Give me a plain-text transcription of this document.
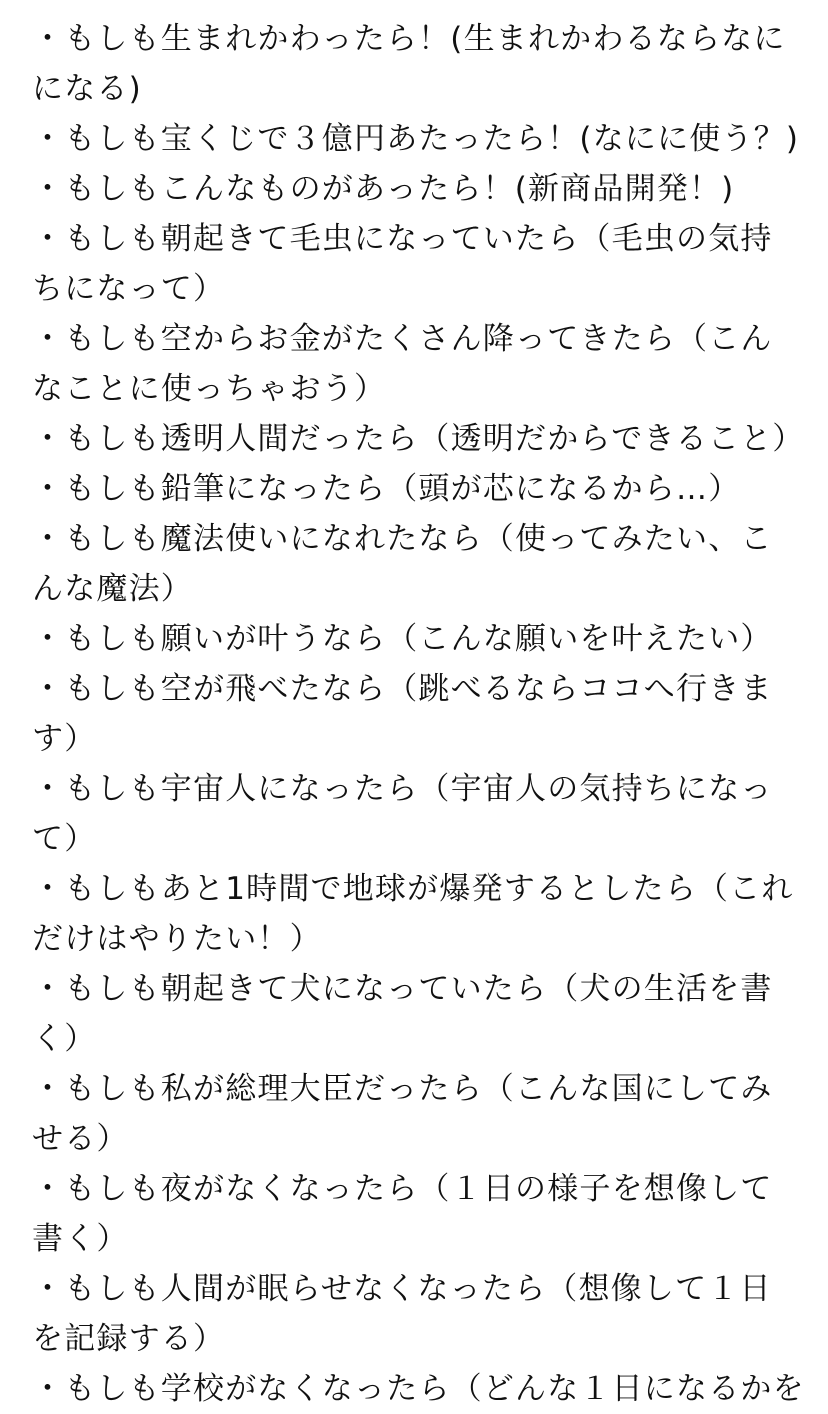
・もしも生まれかわったら！(生まれかわるならなにになる)
・もしも宝くじで３億円あたったら！(なにに使う？)
・もしもこんなものがあったら！(新商品開発！)
・もしも朝起きて毛虫になっていたら（毛虫の気持ちになって）
・もしも空からお金がたくさん降ってきたら（こんなことに使っちゃおう）
・もしも透明人間だったら（透明だからできること）
・もしも鉛筆になったら（頭が芯になるから…）
・もしも魔法使いになれたなら（使ってみたい、こんな魔法）
・もしも願いが叶うなら（こんな願いを叶えたい）
・もしも空が飛べたなら（跳べるならココへ行きます）
・もしも宇宙人になったら（宇宙人の気持ちになって）
・もしもあと1時間で地球が爆発するとしたら（これだけはやりたい！）
・もしも朝起きて犬になっていたら（犬の生活を書く）
・もしも私が総理大臣だったら（こんな国にしてみせる）
・もしも夜がなくなったら（１日の様子を想像して書く）
・もしも人間が眠らせなくなったら（想像して１日を記録する）
・もしも学校がなくなったら（どんな１日になるかを
